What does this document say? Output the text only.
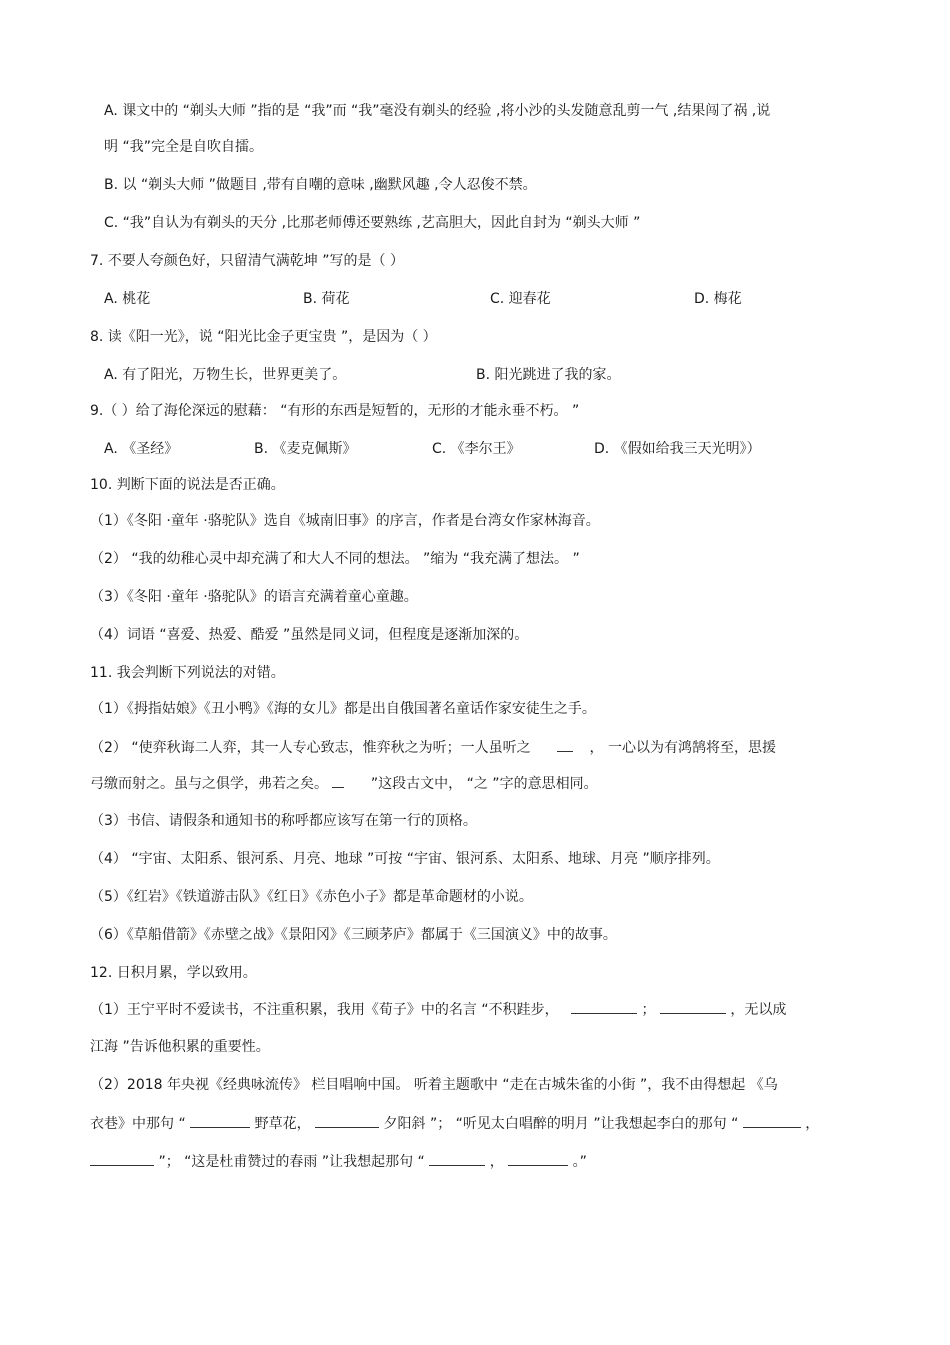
A. 课文中的 “剃头大师 ”指的是 “我”而 “我”毫没有剃头的经验 ,将小沙的头发随意乱剪一气 ,结果闯了祸 ,说
明 “我”完全是自吹自擂。
B. 以 “剃头大师 ”做题目 ,带有自嘲的意味 ,幽默风趣 ,令人忍俊不禁。
C. “我”自认为有剃头的天分 ,比那老师傅还要熟练 ,艺高胆大，因此自封为 “剃头大师 ”
7. 不要人夸颜色好，只留清气满乾坤 ”写的是（ ）
A. 桃花	B. 荷花	C. 迎春花	D. 梅花
8. 读《阳一光》，说 “阳光比金子更宝贵 ”，是因为（ ）
A. 有了阳光，万物生长，世界更美了。	B. 阳光跳进了我的家。
9.（ ）给了海伦深远的慰藉： “有形的东西是短暂的，无形的才能永垂不朽。 ”
A. 《圣经》	B. 《麦克佩斯》	C. 《李尔王》	D. 《假如给我三天光明》）
10. 判断下面的说法是否正确。
（1）《冬阳 ·童年 ·骆驼队》选自《城南旧事》的序言，作者是台湾女作家林海音。
（2） “我的幼稚心灵中却充满了和大人不同的想法。 ”缩为 “我充满了想法。 ”
（3）《冬阳 ·童年 ·骆驼队》的语言充满着童心童趣。
（4）词语 “喜爱、热爱、酷爱 ”虽然是同义词，但程度是逐渐加深的。
11. 我会判断下列说法的对错。
（1）《拇指姑娘》《丑小鸭》《海的女儿》都是出自俄国著名童话作家安徒生之手。
（2） “使弈秋诲二人弈，其一人专心致志，惟弈秋之为听；一人虽听之	， 一心以为有鸿鹄将至，思援
弓缴而射之。虽与之俱学，弗若之矣。	”这段古文中， “之 ”字的意思相同。
（3）书信、请假条和通知书的称呼都应该写在第一行的顶格。
（4） “宇宙、太阳系、银河系、月亮、地球 ”可按 “宇宙、银河系、太阳系、地球、月亮 ”顺序排列。
（5）《红岩》《铁道游击队》《红日》《赤色小子》都是革命题材的小说。
（6）《草船借箭》《赤壁之战》《景阳冈》《三顾茅庐》都属于《三国演义》中的故事。
12. 日积月累，学以致用。
（1）王宁平时不爱读书，不注重积累，我用《荀子》中的名言 “不积跬步，	；	，无以成
江海 ”告诉他积累的重要性。
（2）2018 年央视《经典咏流传》 栏目唱响中国。 听着主题歌中 “走在古城朱雀的小街 ”，我不由得想起 《乌
衣巷》中那句 “	野草花，	夕阳斜 ”； “听见太白唱醉的明月 ”让我想起李白的那句 “	，
”； “这是杜甫赞过的春雨 ”让我想起那句 “	，	。”
